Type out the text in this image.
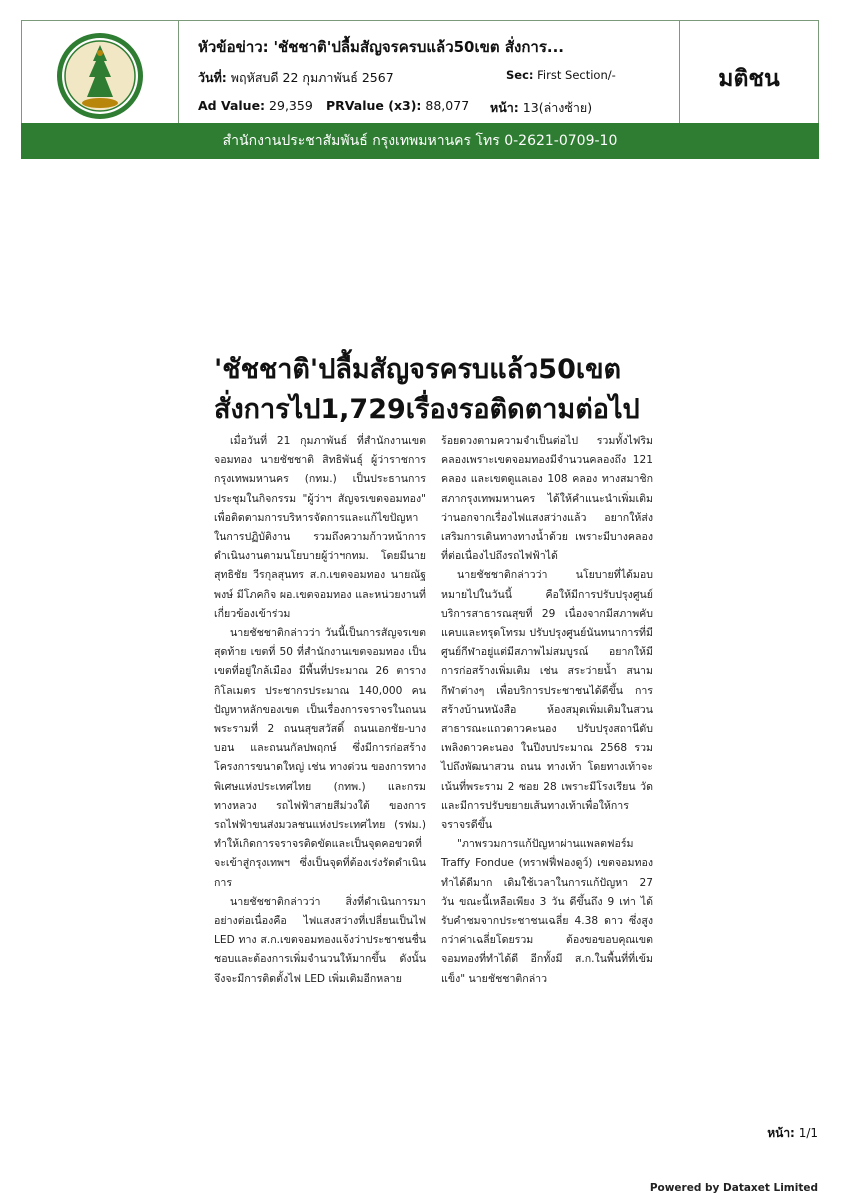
หัวข้อข่าว: 'ชัชชาติ'ปลื้มสัญจรครบแล้ว50เขต สั่งการ...
วันที่: พฤหัสบดี 22 กุมภาพันธ์ 2567	Sec: First Section/-
Ad Value: 29,359 PRValue (x3): 88,077 หน้า: 13(ล่างซ้าย)
มติชน
สำนักงานประชาสัมพันธ์ กรุงเทพมหานคร โทร 0-2621-0709-10
'ชัชชาติ'ปลื้มสัญจรครบแล้ว50เขต สั่งการไป1,729เรื่องรอติดตามต่อไป

เมื่อวันที่ 21 กุมภาพันธ์ ที่สำนักงานเขตจอมทอง นายชัชชาติ สิทธิพันธุ์ ผู้ว่าราชการกรุงเทพมหานคร (กทม.) เป็นประธานการประชุมในกิจกรรม "ผู้ว่าฯ สัญจรเขตจอมทอง" เพื่อติดตามการบริหารจัดการและแก้ไขปัญหาในการปฏิบัติงาน รวมถึงความก้าวหน้าการดำเนินงานตามนโยบายผู้ว่าฯกทม. โดยมีนายสุทธิชัย วีรกุลสุนทร ส.ก.เขตจอมทอง นายณัฐพงษ์ มีโภคกิจ ผอ.เขตจอมทอง และหน่วยงานที่เกี่ยวข้องเข้าร่วม

นายชัชชาติกล่าวว่า วันนี้เป็นการสัญจรเขตสุดท้าย เขตที่ 50 ที่สำนักงานเขตจอมทอง เป็นเขตที่อยู่ใกล้เมือง มีพื้นที่ประมาณ 26 ตารางกิโลเมตร ประชากรประมาณ 140,000 คน ปัญหาหลักของเขต เป็นเรื่องการจราจรในถนนพระรามที่ 2 ถนนสุขสวัสดิ์ ถนนเอกชัย-บางบอน และถนนกัลปพฤกษ์ ซึ่งมีการก่อสร้างโครงการขนาดใหญ่ เช่น ทางด่วน ของการทางพิเศษแห่งประเทศไทย (กทพ.) และกรมทางหลวง รถไฟฟ้าสายสีม่วงใต้ ของการรถไฟฟ้าขนส่งมวลชนแห่งประเทศไทย (รฟม.) ทำให้เกิดการจราจรติดขัดและเป็นจุดคอขวดที่จะเข้าสู่กรุงเทพฯ ซึ่งเป็นจุดที่ต้องเร่งรัดดำเนินการ

นายชัชชาติกล่าวว่า สิ่งที่ดำเนินการมาอย่างต่อเนื่องคือ ไฟแสงสว่างที่เปลี่ยนเป็นไฟ LED ทาง ส.ก.เขตจอมทองแจ้งว่าประชาชนชื่นชอบและต้องการเพิ่มจำนวนให้มากขึ้น ดังนั้น จึงจะมีการติดตั้งไฟ LED เพิ่มเติมอีกหลาย

ร้อยดวงตามความจำเป็นต่อไป รวมทั้งไฟริมคลองเพราะเขตจอมทองมีจำนวนคลองถึง 121 คลอง และเขตดูแลเอง 108 คลอง ทางสมาชิกสภากรุงเทพมหานคร ได้ให้คำแนะนำเพิ่มเติมว่านอกจากเรื่องไฟแสงสว่างแล้ว อยากให้ส่งเสริมการเดินทางทางน้ำด้วย เพราะมีบางคลองที่ต่อเนื่องไปถึงรถไฟฟ้าได้

นายชัชชาติกล่าวว่า นโยบายที่ได้มอบหมายไปในวันนี้ คือให้มีการปรับปรุงศูนย์บริการสาธารณสุขที่ 29 เนื่องจากมีสภาพคับแคบและทรุดโทรม ปรับปรุงศูนย์นันทนาการที่มีศูนย์กีฬาอยู่แต่มีสภาพไม่สมบูรณ์ อยากให้มีการก่อสร้างเพิ่มเติม เช่น สระว่ายน้ำ สนามกีฬาต่างๆ เพื่อบริการประชาชนได้ดีขึ้น การสร้างบ้านหนังสือ ห้องสมุดเพิ่มเติมในสวนสาธารณะแถวดาวคะนอง ปรับปรุงสถานีดับเพลิงดาวคะนอง ในปีงบประมาณ 2568 รวมไปถึงพัฒนาสวน ถนน ทางเท้า โดยทางเท้าจะเน้นที่พระราม 2 ซอย 28 เพราะมีโรงเรียน วัด และมีการปรับขยายเส้นทางเท้าเพื่อให้การจราจรดีขึ้น

"ภาพรวมการแก้ปัญหาผ่านแพลตฟอร์ม Traffy Fondue (ทราฟฟี่ฟองดูว์) เขตจอมทองทำได้ดีมาก เดิมใช้เวลาในการแก้ปัญหา 27 วัน ขณะนี้เหลือเพียง 3 วัน ดีขึ้นถึง 9 เท่า ได้รับคำชมจากประชาชนเฉลี่ย 4.38 ดาว ซึ่งสูงกว่าค่าเฉลี่ยโดยรวม ต้องขอขอบคุณเขตจอมทองที่ทำได้ดี อีกทั้งมี ส.ก.ในพื้นที่ที่เข้มแข็ง" นายชัชชาติกล่าว

หน้า: 1/1
Powered by Dataxet Limited
